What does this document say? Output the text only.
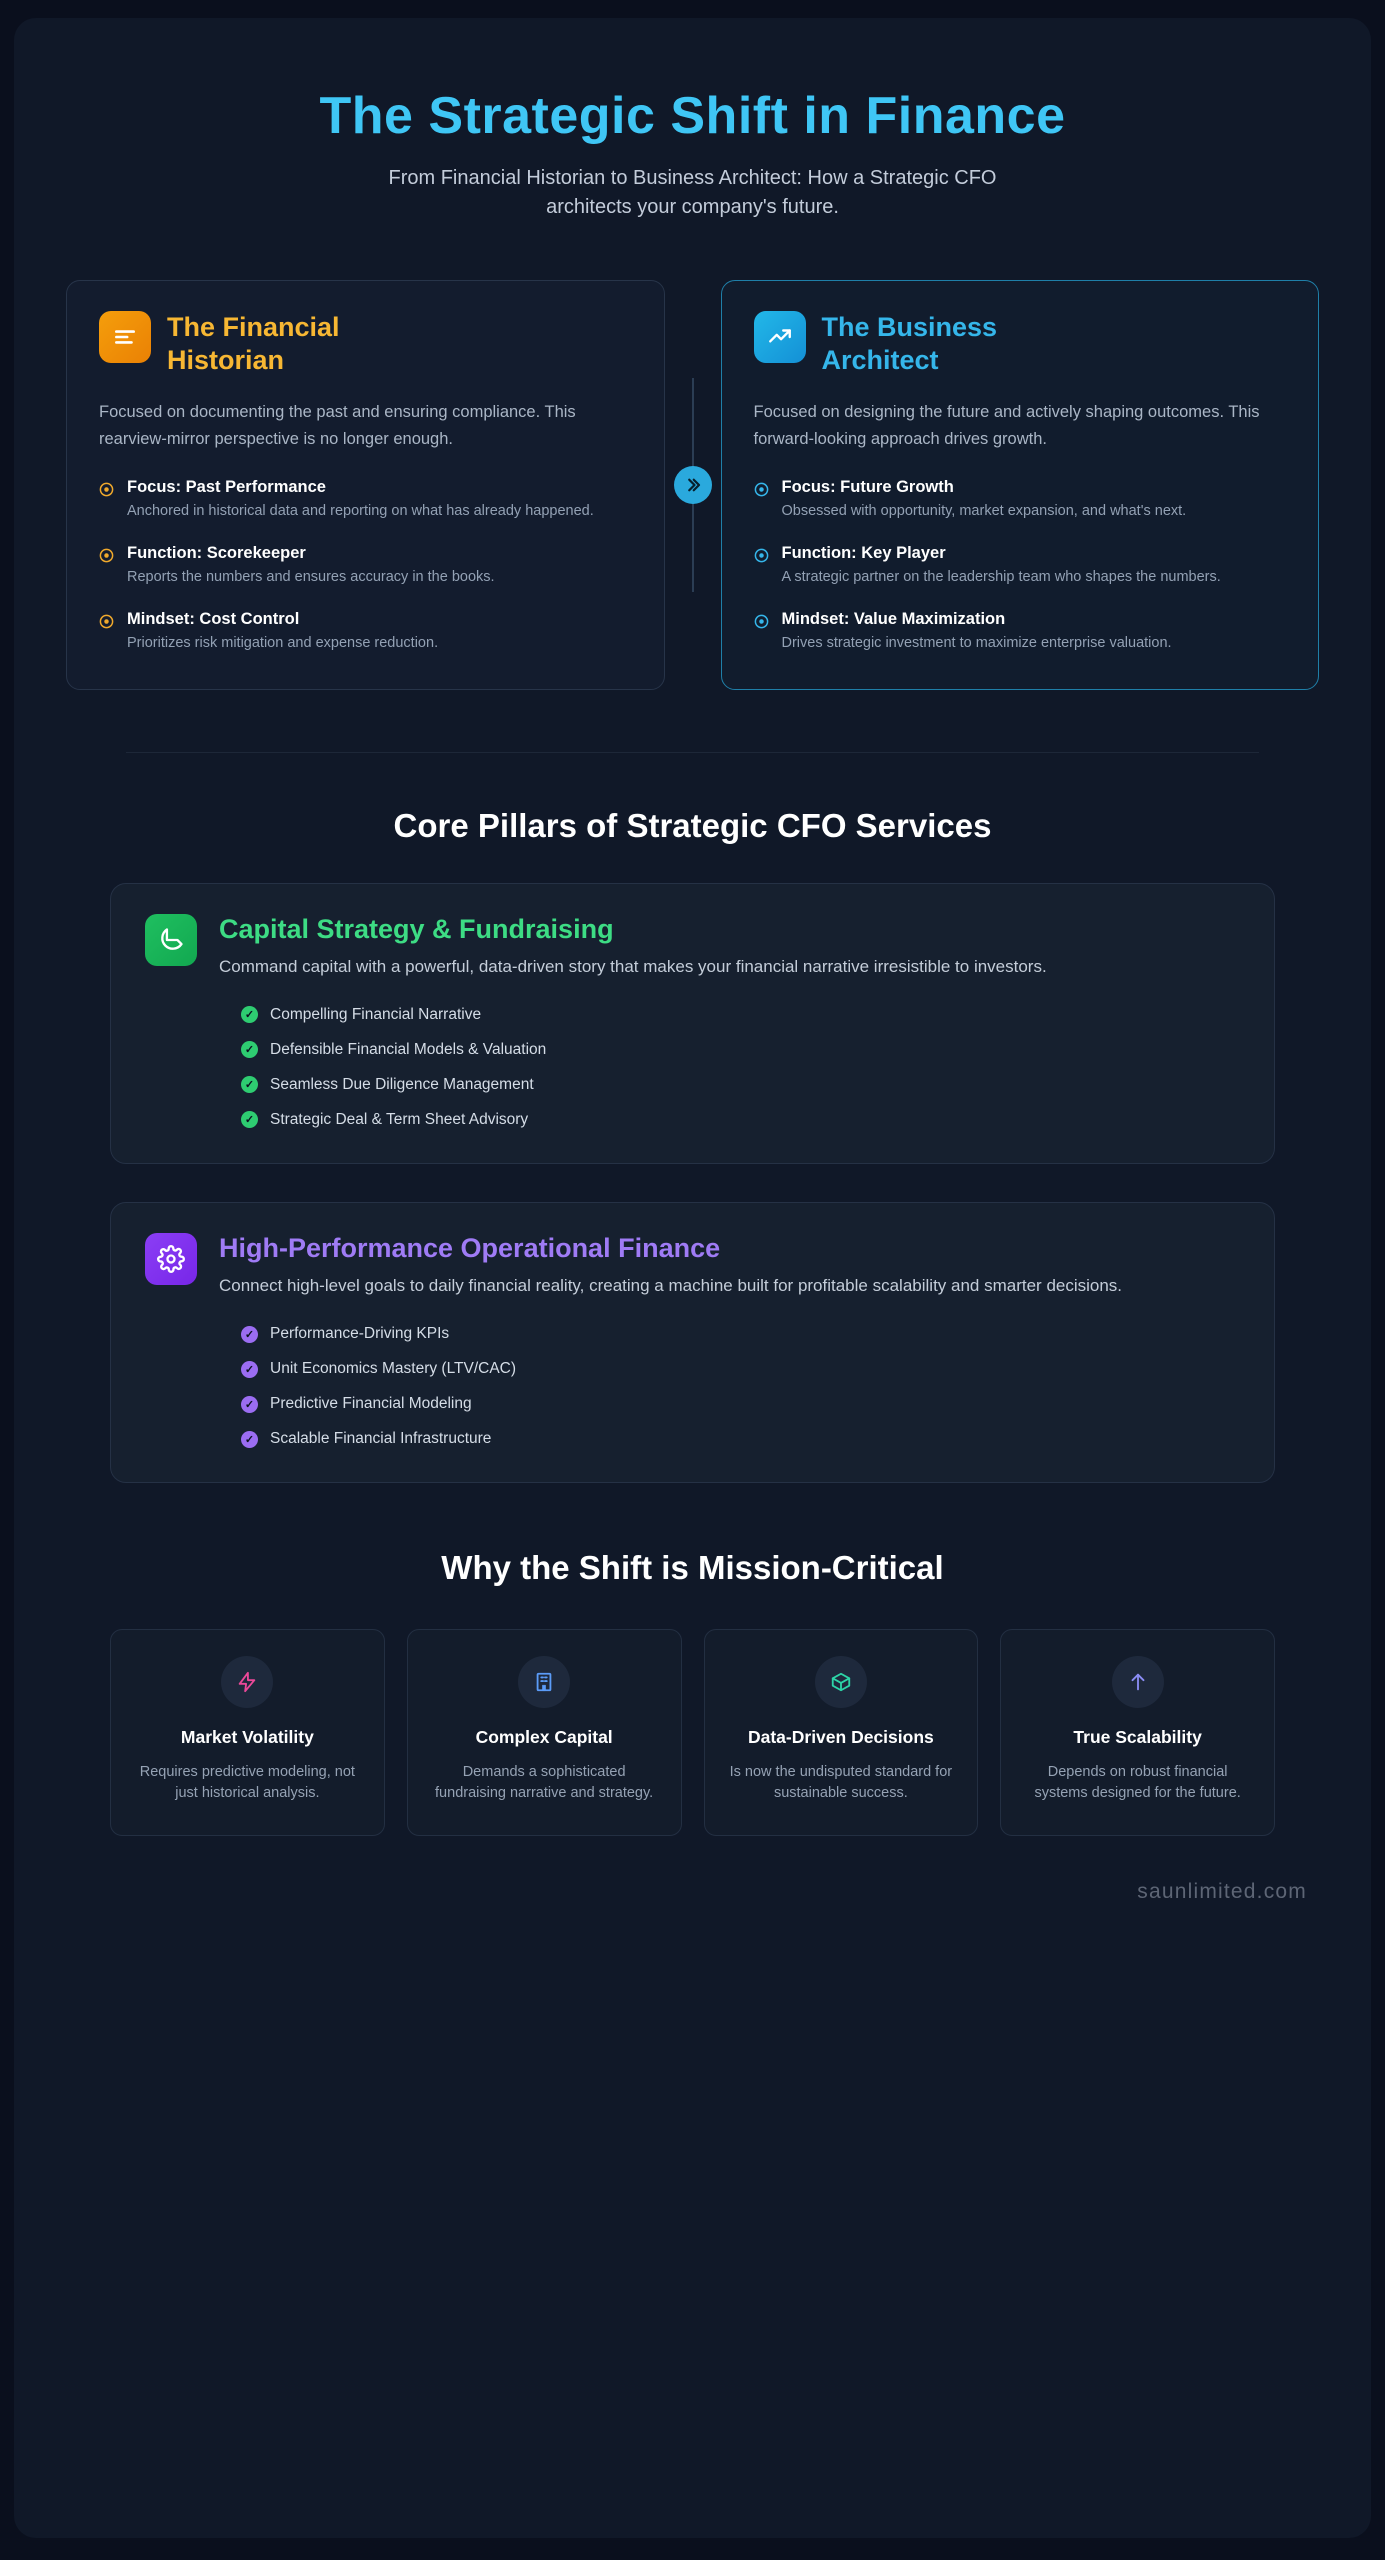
The Strategic Shift in Finance

From Financial Historian to Business Architect: How a Strategic CFO architects your company's future.

The Financial Historian

Focused on documenting the past and ensuring compliance. This rearview-mirror perspective is no longer enough.

Focus: Past Performance
Anchored in historical data and reporting on what has already happened.
Function: Scorekeeper
Reports the numbers and ensures accuracy in the books.
Mindset: Cost Control
Prioritizes risk mitigation and expense reduction.
The Business Architect

Focused on designing the future and actively shaping outcomes. This forward-looking approach drives growth.

Focus: Future Growth
Obsessed with opportunity, market expansion, and what's next.
Function: Key Player
A strategic partner on the leadership team who shapes the numbers.
Mindset: Value Maximization
Drives strategic investment to maximize enterprise valuation.
Core Pillars of Strategic CFO Services
Capital Strategy & Fundraising
Command capital with a powerful, data-driven story that makes your financial narrative irresistible to investors.
✓ Compelling Financial Narrative
✓ Defensible Financial Models & Valuation
✓ Seamless Due Diligence Management
✓ Strategic Deal & Term Sheet Advisory
High-Performance Operational Finance
Connect high-level goals to daily financial reality, creating a machine built for profitable scalability and smarter decisions.
✓ Performance-Driving KPIs
✓ Unit Economics Mastery (LTV/CAC)
✓ Predictive Financial Modeling
✓ Scalable Financial Infrastructure
Why the Shift is Mission-Critical
Market Volatility
Requires predictive modeling, not just historical analysis.
Complex Capital
Demands a sophisticated fundraising narrative and strategy.
Data-Driven Decisions
Is now the undisputed standard for sustainable success.
True Scalability
Depends on robust financial systems designed for the future.
saunlimited.com
